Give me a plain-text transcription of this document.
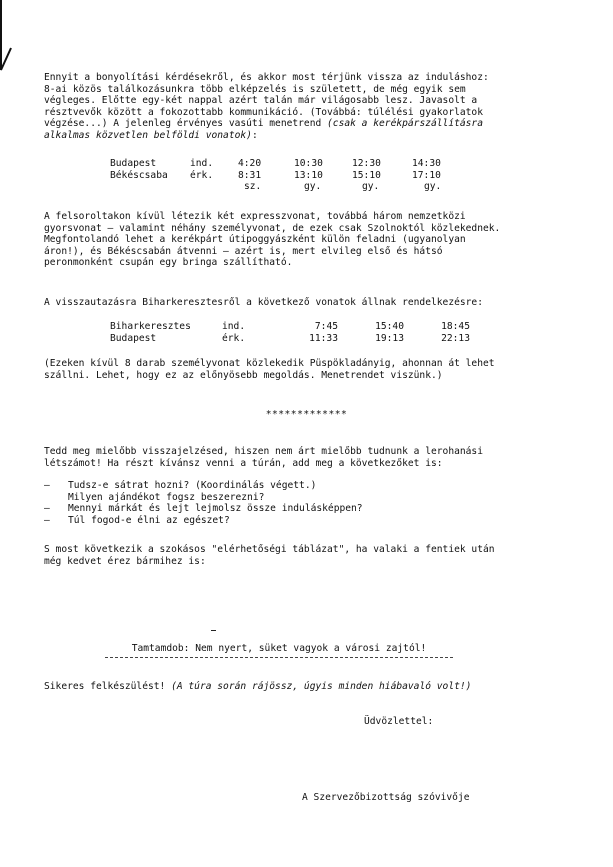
Ennyit a bonyolítási kérdésekről, és akkor most térjünk vissza az induláshoz:
8-ai közös találkozásunkra több elképzelés is született, de még egyik sem
végleges. Előtte egy-két nappal azért talán már világosabb lesz. Javasolt a
résztvevők között a fokozottabb kommunikáció. (Továbbá: túlélési gyakorlatok
végzése...) A jelenleg érvényes vasúti menetrend (csak a kerékpárszállításra
alkalmas közvetlen belföldi vonatok):

Budapest	ind.	4:20	10:30	12:30	14:30
Békéscsaba	érk.	8:31	13:10	15:10	17:10
		sz.	gy.	gy.	gy.

A felsoroltakon kívül létezik két expresszvonat, továbbá három nemzetközi
gyorsvonat – valamint néhány személyvonat, de ezek csak Szolnoktól közlekednek.
Megfontolandó lehet a kerékpárt útipoggyászként külön feladni (ugyanolyan
áron!), és Békéscsabán átvenni – azért is, mert elvileg első és hátsó
peronmonként csupán egy bringa szállítható.

A visszautazásra Biharkeresztesről a következő vonatok állnak rendelkezésre:

Biharkeresztes	ind.	7:45	15:40	18:45
Budapest	érk.	11:33	19:13	22:13

(Ezeken kívül 8 darab személyvonat közlekedik Püspökladányig, ahonnan át lehet
szállni. Lehet, hogy ez az előnyösebb megoldás. Menetrendet viszünk.)

*************

Tedd meg mielőbb visszajelzésed, hiszen nem árt mielőbb tudnunk a lerohanási
létszámot! Ha részt kívánsz venni a túrán, add meg a következőket is:

— Tudsz-e sátrat hozni? (Koordinálás végett.)
Milyen ajándékot fogsz beszerezni?
— Mennyi márkát és lejt lejmolsz össze indulásképpen?
— Túl fogod-e élni az egészet?

S most következik a szokásos "elérhetőségi táblázat", ha valaki a fentiek után
még kedvet érez bármihez is:

Tamtamdob: Nem nyert, süket vagyok a városi zajtól!
Sikeres felkészülést! (A túra során rájössz, úgyis minden hiábavaló volt!)
Üdvözlettel:
A Szervezőbizottság szóvivője
